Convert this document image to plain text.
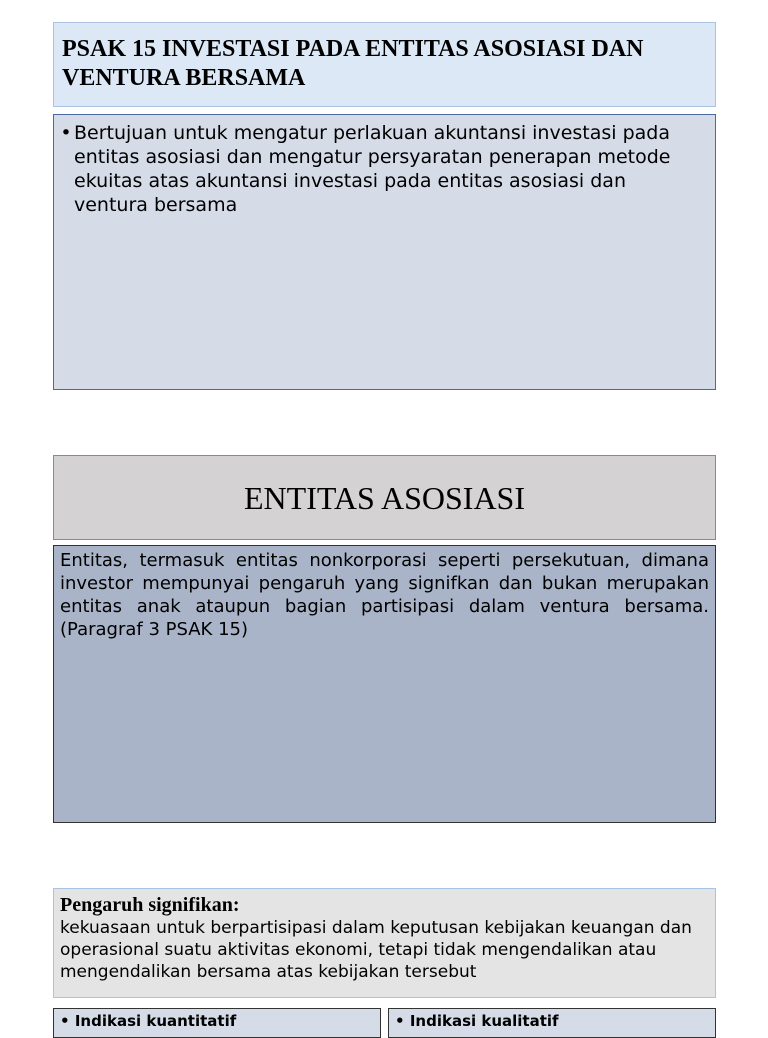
PSAK 15 INVESTASI PADA ENTITAS ASOSIASI DAN VENTURA BERSAMA

• Bertujuan untuk mengatur perlakuan akuntansi investasi pada entitas asosiasi dan mengatur persyaratan penerapan metode ekuitas atas akuntansi investasi pada entitas asosiasi dan ventura bersama
ENTITAS ASOSIASI

Entitas, termasuk entitas nonkorporasi seperti persekutuan, dimana investor mempunyai pengaruh yang signifkan dan bukan merupakan entitas anak ataupun bagian partisipasi dalam ventura bersama. (Paragraf 3 PSAK 15)

Pengaruh signifikan:

kekuasaan untuk berpartisipasi dalam keputusan kebijakan keuangan dan operasional suatu aktivitas ekonomi, tetapi tidak mengendalikan atau mengendalikan bersama atas kebijakan tersebut

• Indikasi kuantitatif	• Indikasi kualitatif
